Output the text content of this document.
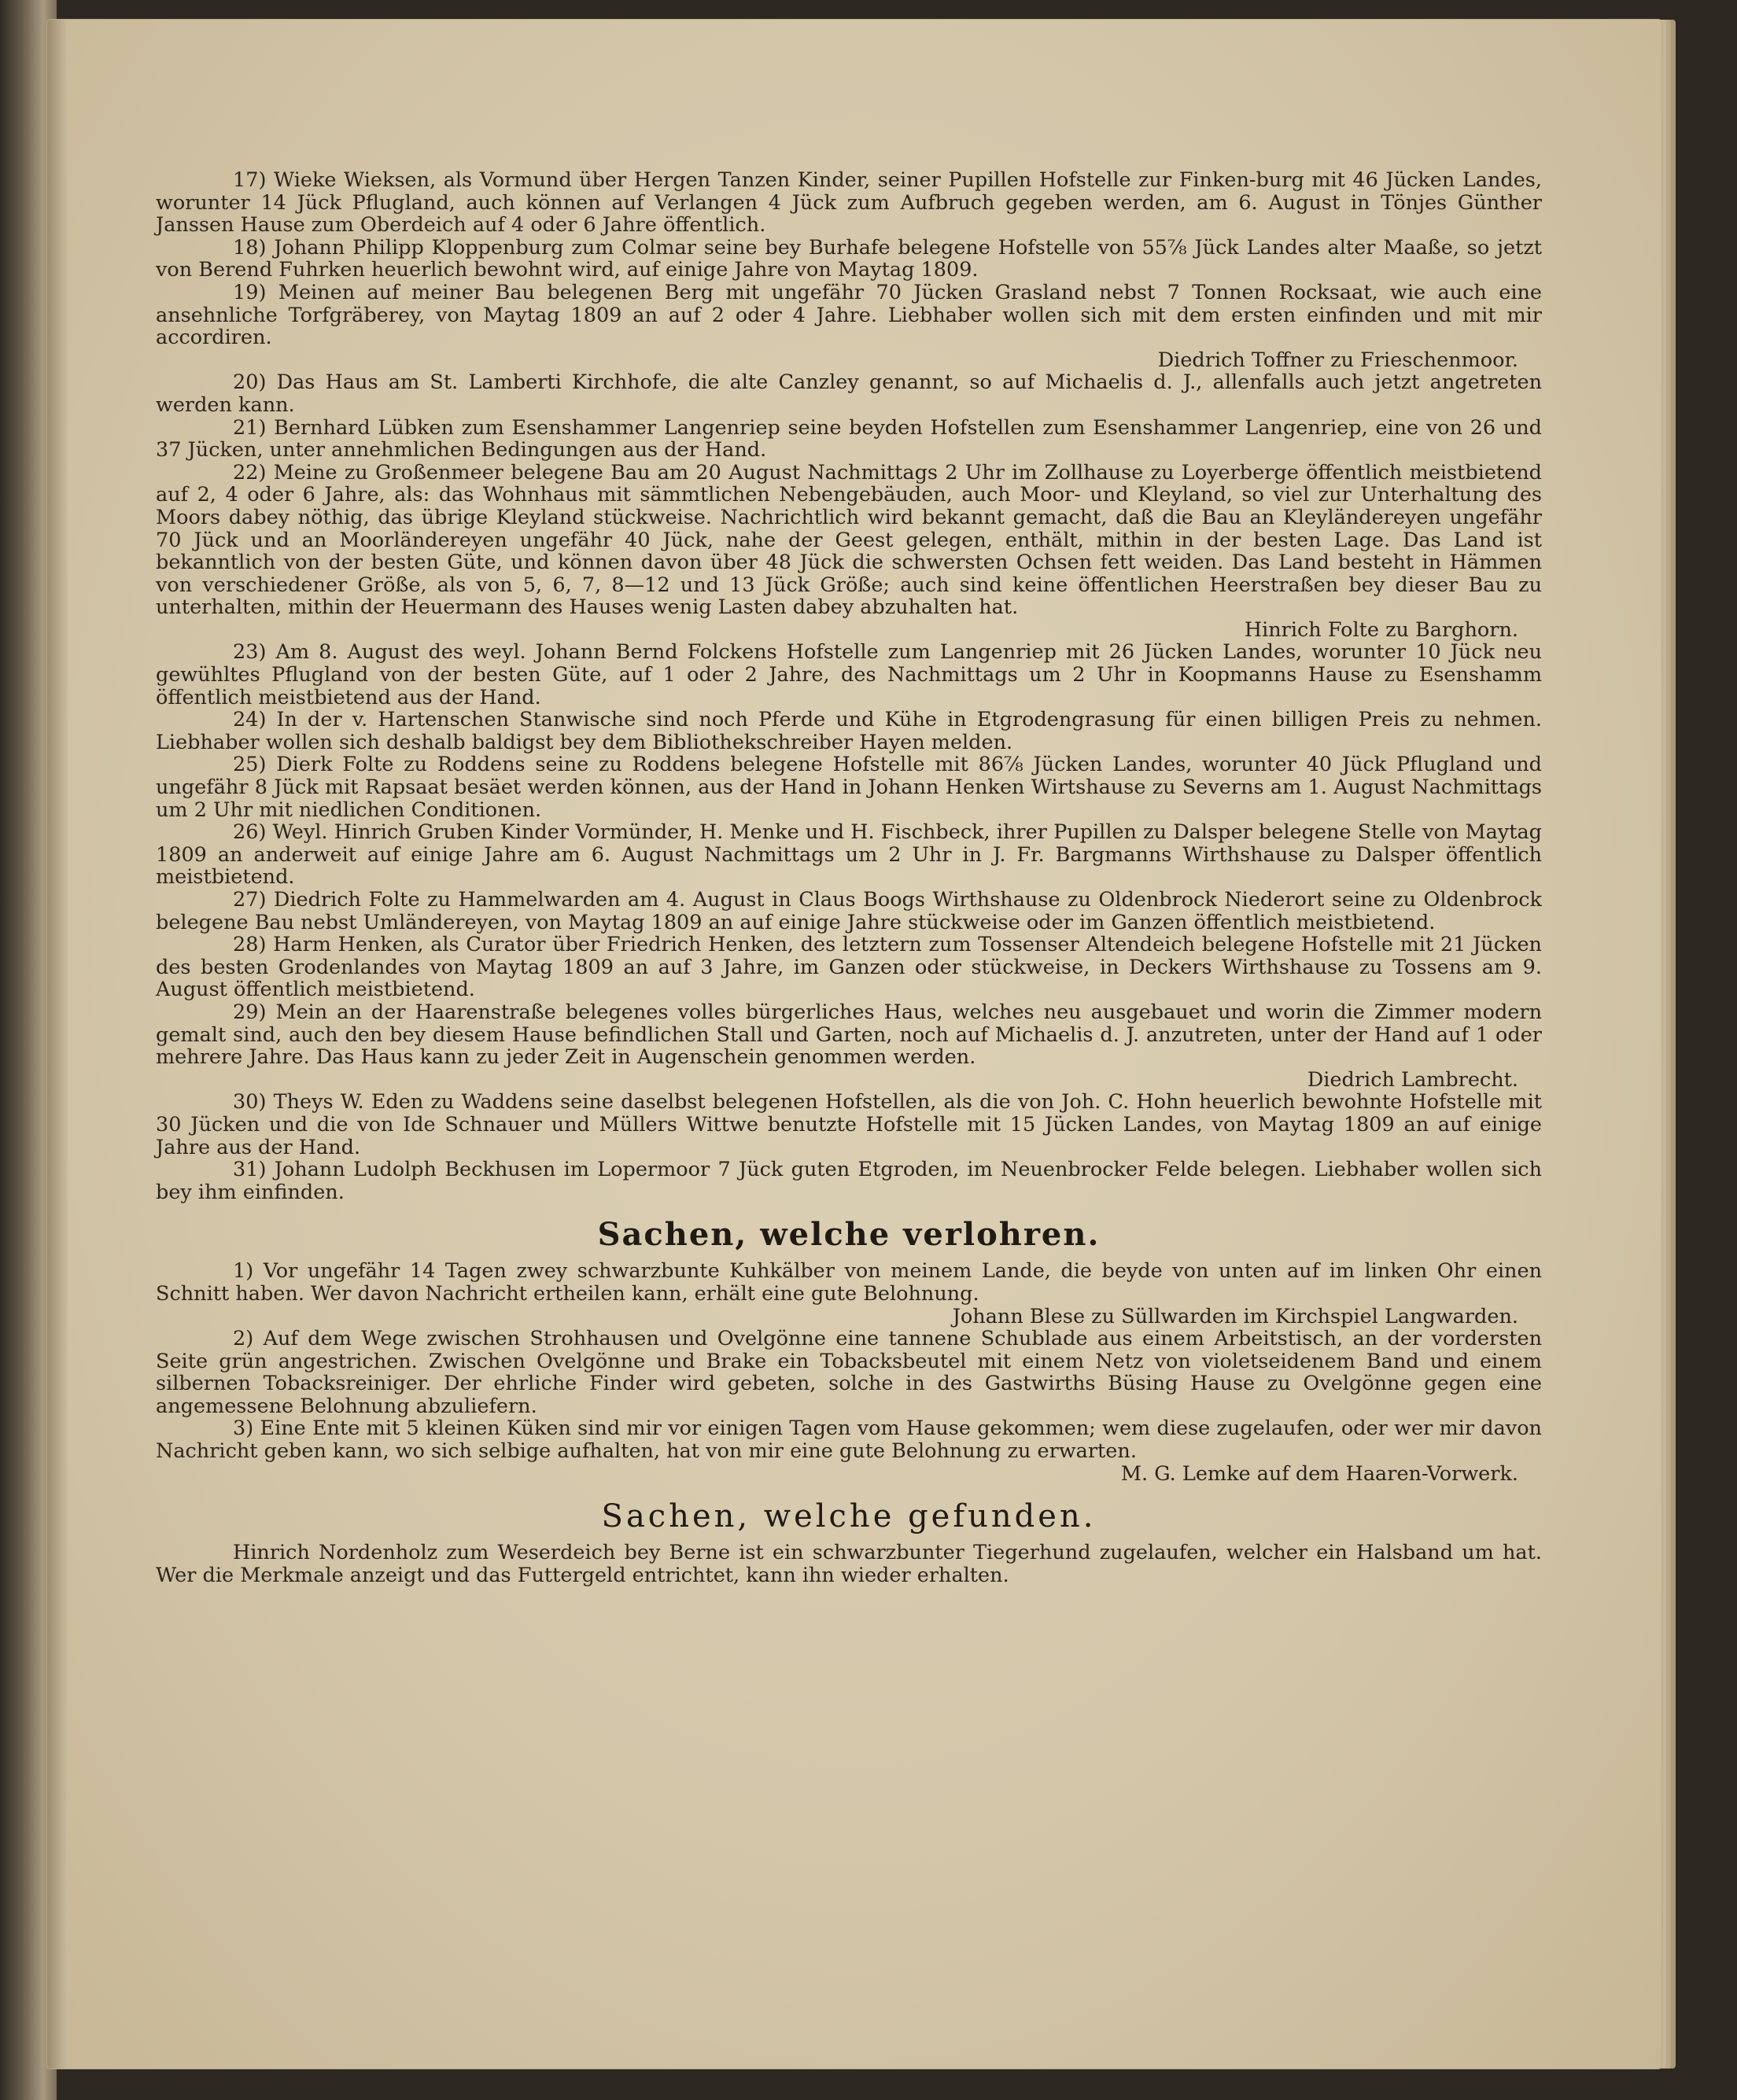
17) Wieke Wieksen, als Vormund über Hergen Tanzen Kinder, seiner Pupillen Hofstelle zur Finken-burg mit 46 Jücken Landes, worunter 14 Jück Pflugland, auch können auf Verlangen 4 Jück zum Aufbruch gegeben werden, am 6. August in Tönjes Günther Janssen Hause zum Oberdeich auf 4 oder 6 Jahre öffentlich.

18) Johann Philipp Kloppenburg zum Colmar seine bey Burhafe belegene Hofstelle von 55⅞ Jück Landes alter Maaße, so jetzt von Berend Fuhrken heuerlich bewohnt wird, auf einige Jahre von Maytag 1809.

19) Meinen auf meiner Bau belegenen Berg mit ungefähr 70 Jücken Grasland nebst 7 Tonnen Rocksaat, wie auch eine ansehnliche Torfgräberey, von Maytag 1809 an auf 2 oder 4 Jahre. Liebhaber wollen sich mit dem ersten einfinden und mit mir accordiren.
Diedrich Toffner zu Frieschenmoor.

20) Das Haus am St. Lamberti Kirchhofe, die alte Canzley genannt, so auf Michaelis d. J., allenfalls auch jetzt angetreten werden kann.

21) Bernhard Lübken zum Esenshammer Langenriep seine beyden Hofstellen zum Esenshammer Langenriep, eine von 26 und 37 Jücken, unter annehmlichen Bedingungen aus der Hand.

22) Meine zu Großenmeer belegene Bau am 20 August Nachmittags 2 Uhr im Zollhause zu Loyerberge öffentlich meistbietend auf 2, 4 oder 6 Jahre, als: das Wohnhaus mit sämmtlichen Nebengebäuden, auch Moor- und Kleyland, so viel zur Unterhaltung des Moors dabey nöthig, das übrige Kleyland stückweise. Nachrichtlich wird bekannt gemacht, daß die Bau an Kleyländereyen ungefähr 70 Jück und an Moorländereyen ungefähr 40 Jück, nahe der Geest gelegen, enthält, mithin in der besten Lage. Das Land ist bekanntlich von der besten Güte, und können davon über 48 Jück die schwersten Ochsen fett weiden. Das Land besteht in Hämmen von verschiedener Größe, als von 5, 6, 7, 8—12 und 13 Jück Größe; auch sind keine öffentlichen Heerstraßen bey dieser Bau zu unterhalten, mithin der Heuermann des Hauses wenig Lasten dabey abzuhalten hat.
Hinrich Folte zu Barghorn.

23) Am 8. August des weyl. Johann Bernd Folckens Hofstelle zum Langenriep mit 26 Jücken Landes, worunter 10 Jück neu gewühltes Pflugland von der besten Güte, auf 1 oder 2 Jahre, des Nachmittags um 2 Uhr in Koopmanns Hause zu Esenshamm öffentlich meistbietend aus der Hand.

24) In der v. Hartenschen Stanwische sind noch Pferde und Kühe in Etgrodengrasung für einen billigen Preis zu nehmen. Liebhaber wollen sich deshalb baldigst bey dem Bibliothekschreiber Hayen melden.

25) Dierk Folte zu Roddens seine zu Roddens belegene Hofstelle mit 86⅞ Jücken Landes, worunter 40 Jück Pflugland und ungefähr 8 Jück mit Rapsaat besäet werden können, aus der Hand in Johann Henken Wirtshause zu Severns am 1. August Nachmittags um 2 Uhr mit niedlichen Conditionen.

26) Weyl. Hinrich Gruben Kinder Vormünder, H. Menke und H. Fischbeck, ihrer Pupillen zu Dalsper belegene Stelle von Maytag 1809 an anderweit auf einige Jahre am 6. August Nachmittags um 2 Uhr in J. Fr. Bargmanns Wirthshause zu Dalsper öffentlich meistbietend.

27) Diedrich Folte zu Hammelwarden am 4. August in Claus Boogs Wirthshause zu Oldenbrock Niederort seine zu Oldenbrock belegene Bau nebst Umländereyen, von Maytag 1809 an auf einige Jahre stückweise oder im Ganzen öffentlich meistbietend.

28) Harm Henken, als Curator über Friedrich Henken, des letztern zum Tossenser Altendeich belegene Hofstelle mit 21 Jücken des besten Grodenlandes von Maytag 1809 an auf 3 Jahre, im Ganzen oder stückweise, in Deckers Wirthshause zu Tossens am 9. August öffentlich meistbietend.

29) Mein an der Haarenstraße belegenes volles bürgerliches Haus, welches neu ausgebauet und worin die Zimmer modern gemalt sind, auch den bey diesem Hause befindlichen Stall und Garten, noch auf Michaelis d. J. anzutreten, unter der Hand auf 1 oder mehrere Jahre. Das Haus kann zu jeder Zeit in Augenschein genommen werden.
Diedrich Lambrecht.

30) Theys W. Eden zu Waddens seine daselbst belegenen Hofstellen, als die von Joh. C. Hohn heuerlich bewohnte Hofstelle mit 30 Jücken und die von Ide Schnauer und Müllers Wittwe benutzte Hofstelle mit 15 Jücken Landes, von Maytag 1809 an auf einige Jahre aus der Hand.

31) Johann Ludolph Beckhusen im Lopermoor 7 Jück guten Etgroden, im Neuenbrocker Felde belegen. Liebhaber wollen sich bey ihm einfinden.

Sachen, welche verlohren.

1) Vor ungefähr 14 Tagen zwey schwarzbunte Kuhkälber von meinem Lande, die beyde von unten auf im linken Ohr einen Schnitt haben. Wer davon Nachricht ertheilen kann, erhält eine gute Belohnung.
Johann Blese zu Süllwarden im Kirchspiel Langwarden.

2) Auf dem Wege zwischen Strohhausen und Ovelgönne eine tannene Schublade aus einem Arbeitstisch, an der vordersten Seite grün angestrichen. Zwischen Ovelgönne und Brake ein Tobacksbeutel mit einem Netz von violetseidenem Band und einem silbernen Tobacksreiniger. Der ehrliche Finder wird gebeten, solche in des Gastwirths Büsing Hause zu Ovelgönne gegen eine angemessene Belohnung abzuliefern.

3) Eine Ente mit 5 kleinen Küken sind mir vor einigen Tagen vom Hause gekommen; wem diese zugelaufen, oder wer mir davon Nachricht geben kann, wo sich selbige aufhalten, hat von mir eine gute Belohnung zu erwarten.
M. G. Lemke auf dem Haaren-Vorwerk.

Sachen, welche gefunden.

Hinrich Nordenholz zum Weserdeich bey Berne ist ein schwarzbunter Tiegerhund zugelaufen, welcher ein Halsband um hat. Wer die Merkmale anzeigt und das Futtergeld entrichtet, kann ihn wieder erhalten.
